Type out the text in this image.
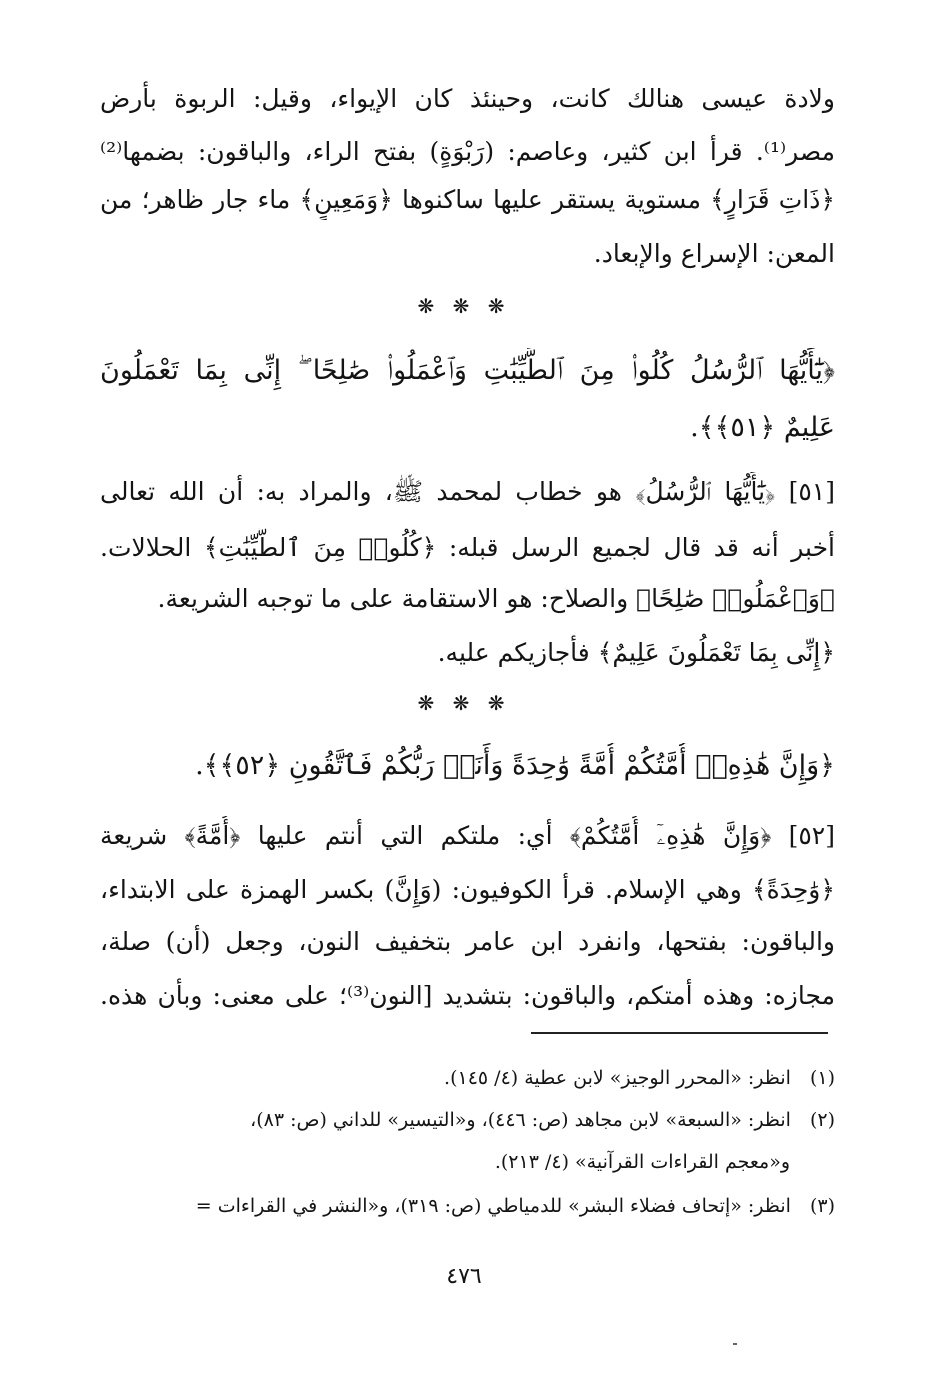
ولادة عيسى هنالك كانت، وحينئذ كان الإيواء، وقيل: الربوة بأرض
مصر⁽¹⁾. قرأ ابن كثير، وعاصم: (رَبْوَةٍ) بفتح الراء، والباقون: بضمها⁽²⁾
﴿ذَاتِ قَرَارٍ﴾ مستوية يستقر عليها ساكنوها ﴿وَمَعِينٍ﴾ ماء جار ظاهر؛ من
المعن: الإسراع والإبعاد.
❋ ❋ ❋
﴿يَٰٓأَيُّهَا ٱلرُّسُلُ كُلُوا۟ مِنَ ٱلطَّيِّبَٰتِ وَٱعْمَلُوا۟ صَٰلِحًا ۖ إِنِّى بِمَا تَعْمَلُونَ
عَلِيمٌ ﴿٥١﴾﴾.
[٥١] ﴿يَٰٓأَيُّهَا ٱلرُّسُلُ﴾ هو خطاب لمحمد ﷺ، والمراد به: أن الله تعالى
أخبر أنه قد قال لجميع الرسل قبله: ﴿كُلُوا۟ مِنَ ٱلطَّيِّبَٰتِ﴾ الحلالات.
﴿وَٱعْمَلُوا۟ صَٰلِحًا﴾ والصلاح: هو الاستقامة على ما توجبه الشريعة.
﴿إِنِّى بِمَا تَعْمَلُونَ عَلِيمٌ﴾ فأجازيكم عليه.
❋ ❋ ❋
﴿وَإِنَّ هَٰذِهِۦٓ أُمَّتُكُمْ أُمَّةً وَٰحِدَةً وَأَنَا۠ رَبُّكُمْ فَٱتَّقُونِ ﴿٥٢﴾﴾.
[٥٢] ﴿وَإِنَّ هَٰذِهِۦٓ أُمَّتُكُمْ﴾ أي: ملتكم التي أنتم عليها ﴿أُمَّةً﴾ شريعة
﴿وَٰحِدَةً﴾ وهي الإسلام. قرأ الكوفيون: (وَإِنَّ) بكسر الهمزة على الابتداء،
والباقون: بفتحها، وانفرد ابن عامر بتخفيف النون، وجعل (أن) صلة،
مجازه: وهذه أمتكم، والباقون: بتشديد [النون⁽³⁾؛ على معنى: وبأن هذه.
(١) انظر: «المحرر الوجيز» لابن عطية (٤/ ١٤٥).
(٢) انظر: «السبعة» لابن مجاهد (ص: ٤٤٦)، و«التيسير» للداني (ص: ٨٣)،
و«معجم القراءات القرآنية» (٤/ ٢١٣).
(٣) انظر: «إتحاف فضلاء البشر» للدمياطي (ص: ٣١٩)، و«النشر في القراءات =
٤٧٦
